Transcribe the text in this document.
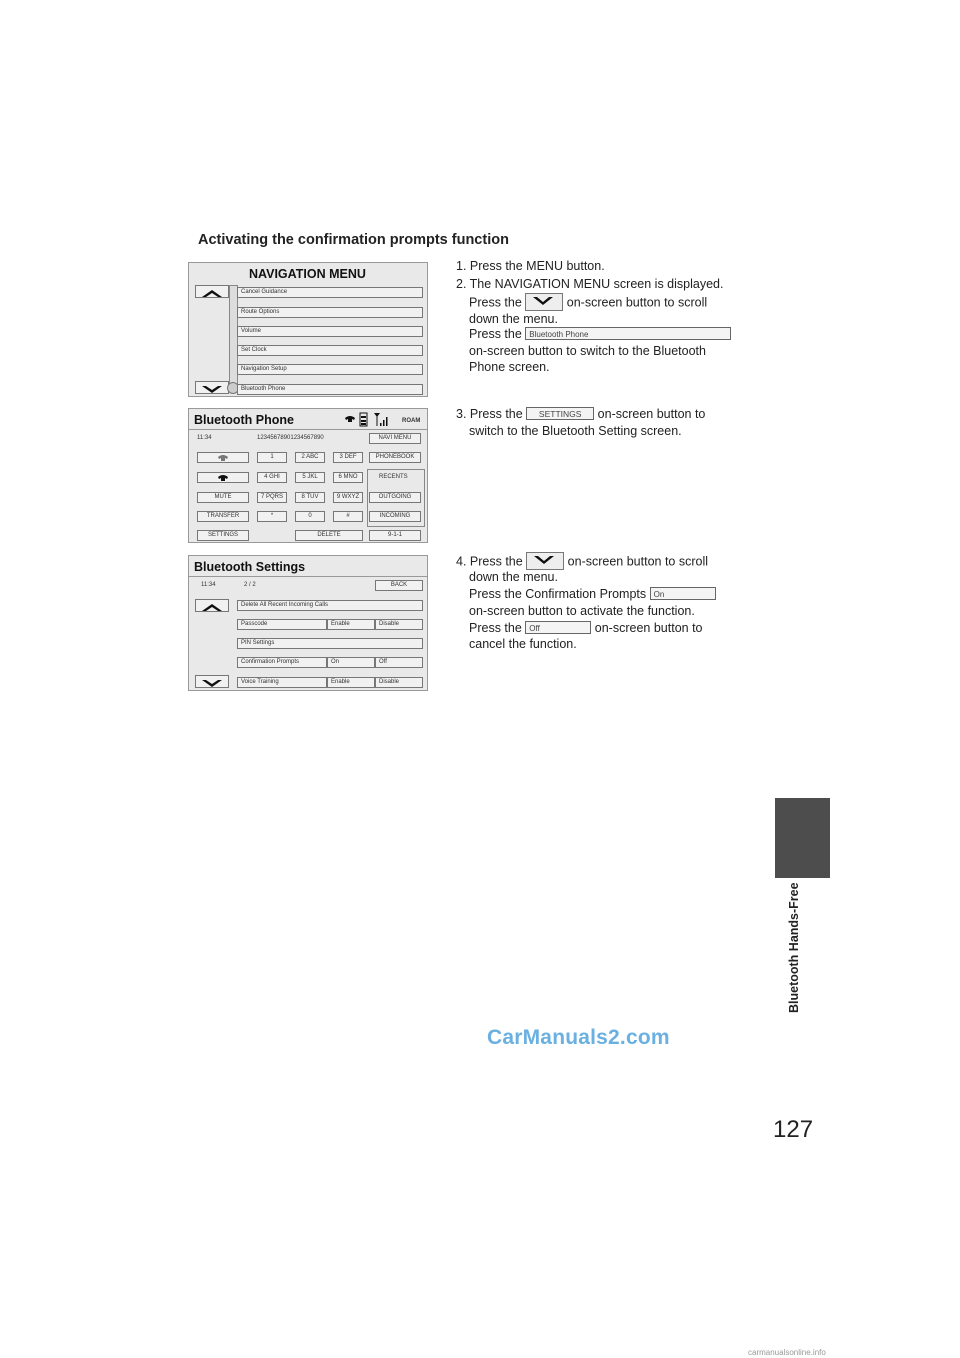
Activating the confirmation prompts function
NAVIGATION MENU
Cancel Guidance
Route Options
Volume
Set Clock
Navigation Setup
Bluetooth Phone
Bluetooth Phone	ROAM
11:34	12345678901234567890	NAVI MENU
MUTE
TRANSFER
SETTINGS
1	2 ABC	3 DEF
4 GHI	5 JKL	6 MNO
7 PQRS	8 TUV	9 WXYZ
*	0	#
DELETE
PHONEBOOK
RECENTS
OUTGOING
INCOMING
9-1-1
Bluetooth Settings
11:34	2 / 2	BACK
Delete All Recent Incoming Calls
Passcode	Enable	Disable
PIN Settings
Confirmation Prompts	On	Off
Voice Training	Enable	Disable
1. Press the MENU button.
2. The NAVIGATION MENU screen is displayed.
Press the	on-screen button to scroll
down the menu.
Press the Bluetooth Phone
on-screen button to switch to the Bluetooth
Phone screen.
3. Press the SETTINGS on-screen button to
switch to the Bluetooth Setting screen.
4. Press the	on-screen button to scroll
down the menu.
Press the Confirmation Prompts On
on-screen button to activate the function.
Press the Off	on-screen button to
cancel the function.
Bluetooth Hands-Free
CarManuals2.com
127
carmanualsonline.info
